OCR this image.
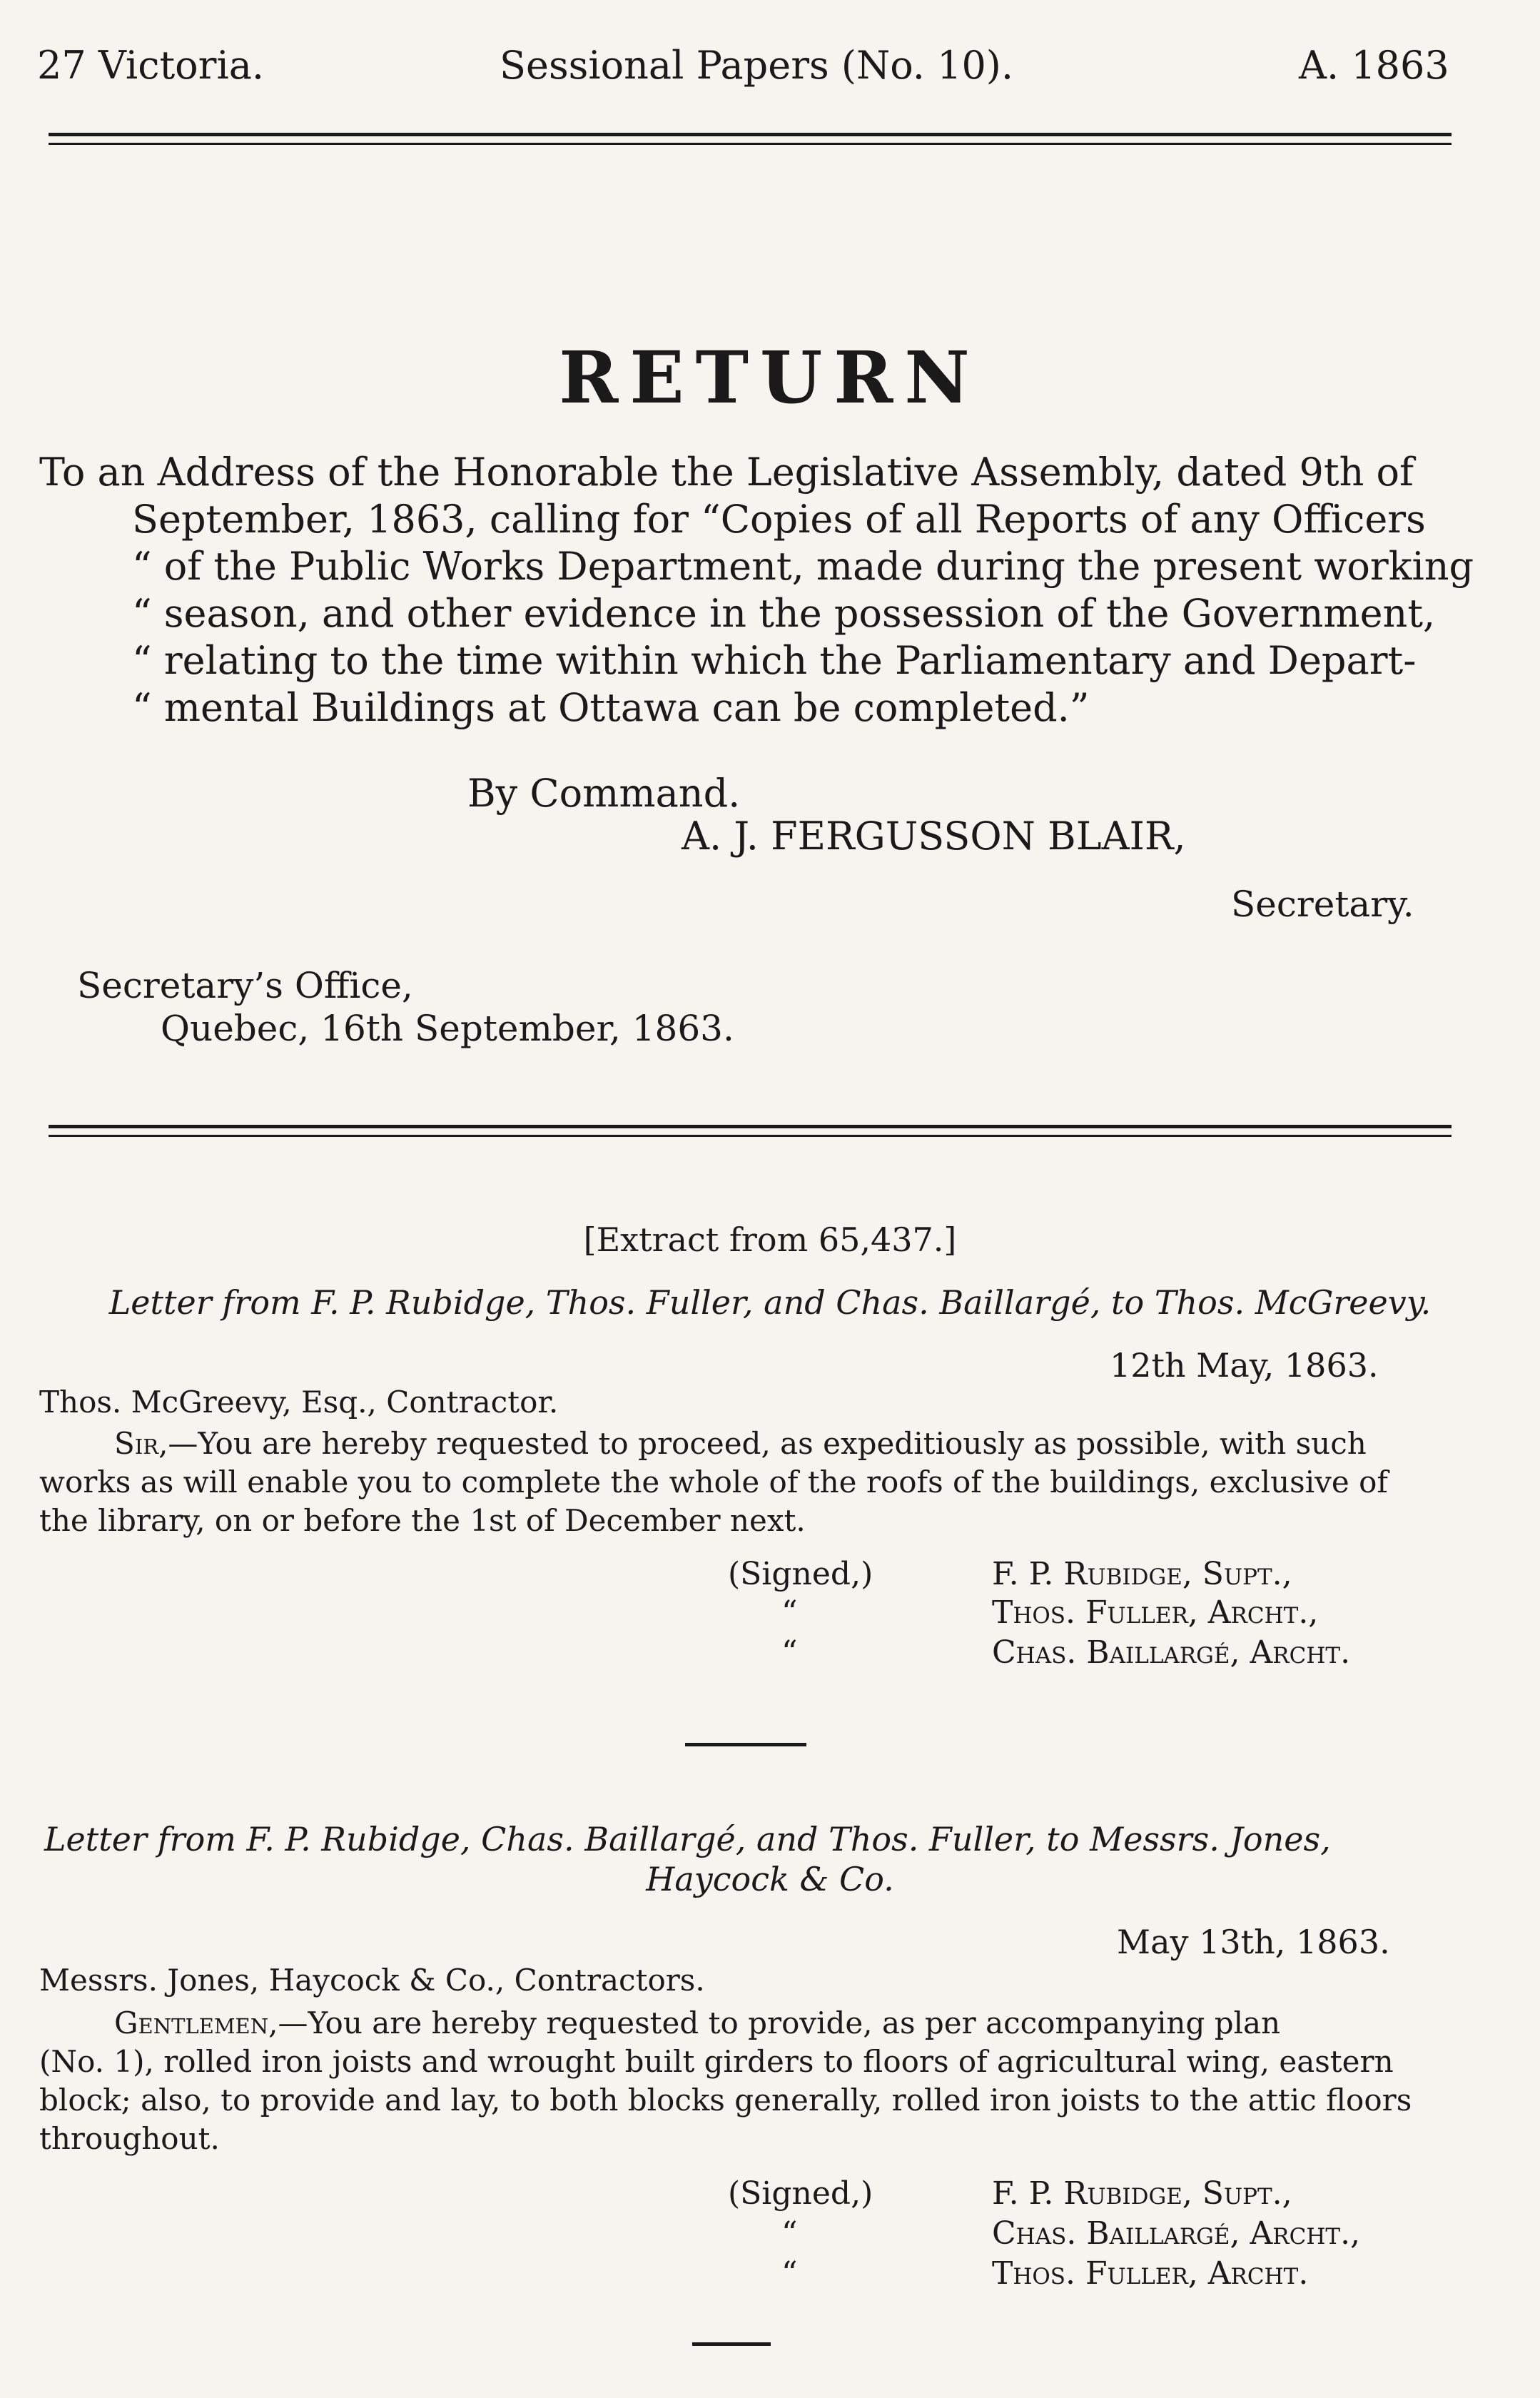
27 Victoria.	Sessional Papers (No. 10).	A. 1863
RETURN
To an Address of the Honorable the Legislative Assembly, dated 9th of
September, 1863, calling for “Copies of all Reports of any Officers
“ of the Public Works Department, made during the present working
“ season, and other evidence in the possession of the Government,
“ relating to the time within which the Parliamentary and Depart-
“ mental Buildings at Ottawa can be completed.”
By Command.
A. J. FERGUSSON BLAIR,
Secretary.
Secretary’s Office,
Quebec, 16th September, 1863.
[Extract from 65,437.]
Letter from F. P. Rubidge, Thos. Fuller, and Chas. Baillargé, to Thos. McGreevy.
12th May, 1863.
Thos. McGreevy, Esq., Contractor.
Sir,—You are hereby requested to proceed, as expeditiously as possible, with such
works as will enable you to complete the whole of the roofs of the buildings, exclusive of
the library, on or before the 1st of December next.
(Signed,)
“
“
F. P. Rubidge, Supt.,
Thos. Fuller, Archt.,
Chas. Baillargé, Archt.
Letter from F. P. Rubidge, Chas. Baillargé, and Thos. Fuller, to Messrs. Jones,
Haycock & Co.
May 13th, 1863.
Messrs. Jones, Haycock & Co., Contractors.
Gentlemen,—You are hereby requested to provide, as per accompanying plan
(No. 1), rolled iron joists and wrought built girders to floors of agricultural wing, eastern
block; also, to provide and lay, to both blocks generally, rolled iron joists to the attic floors
throughout.
(Signed,)
“
“
F. P. Rubidge, Supt.,
Chas. Baillargé, Archt.,
Thos. Fuller, Archt.
